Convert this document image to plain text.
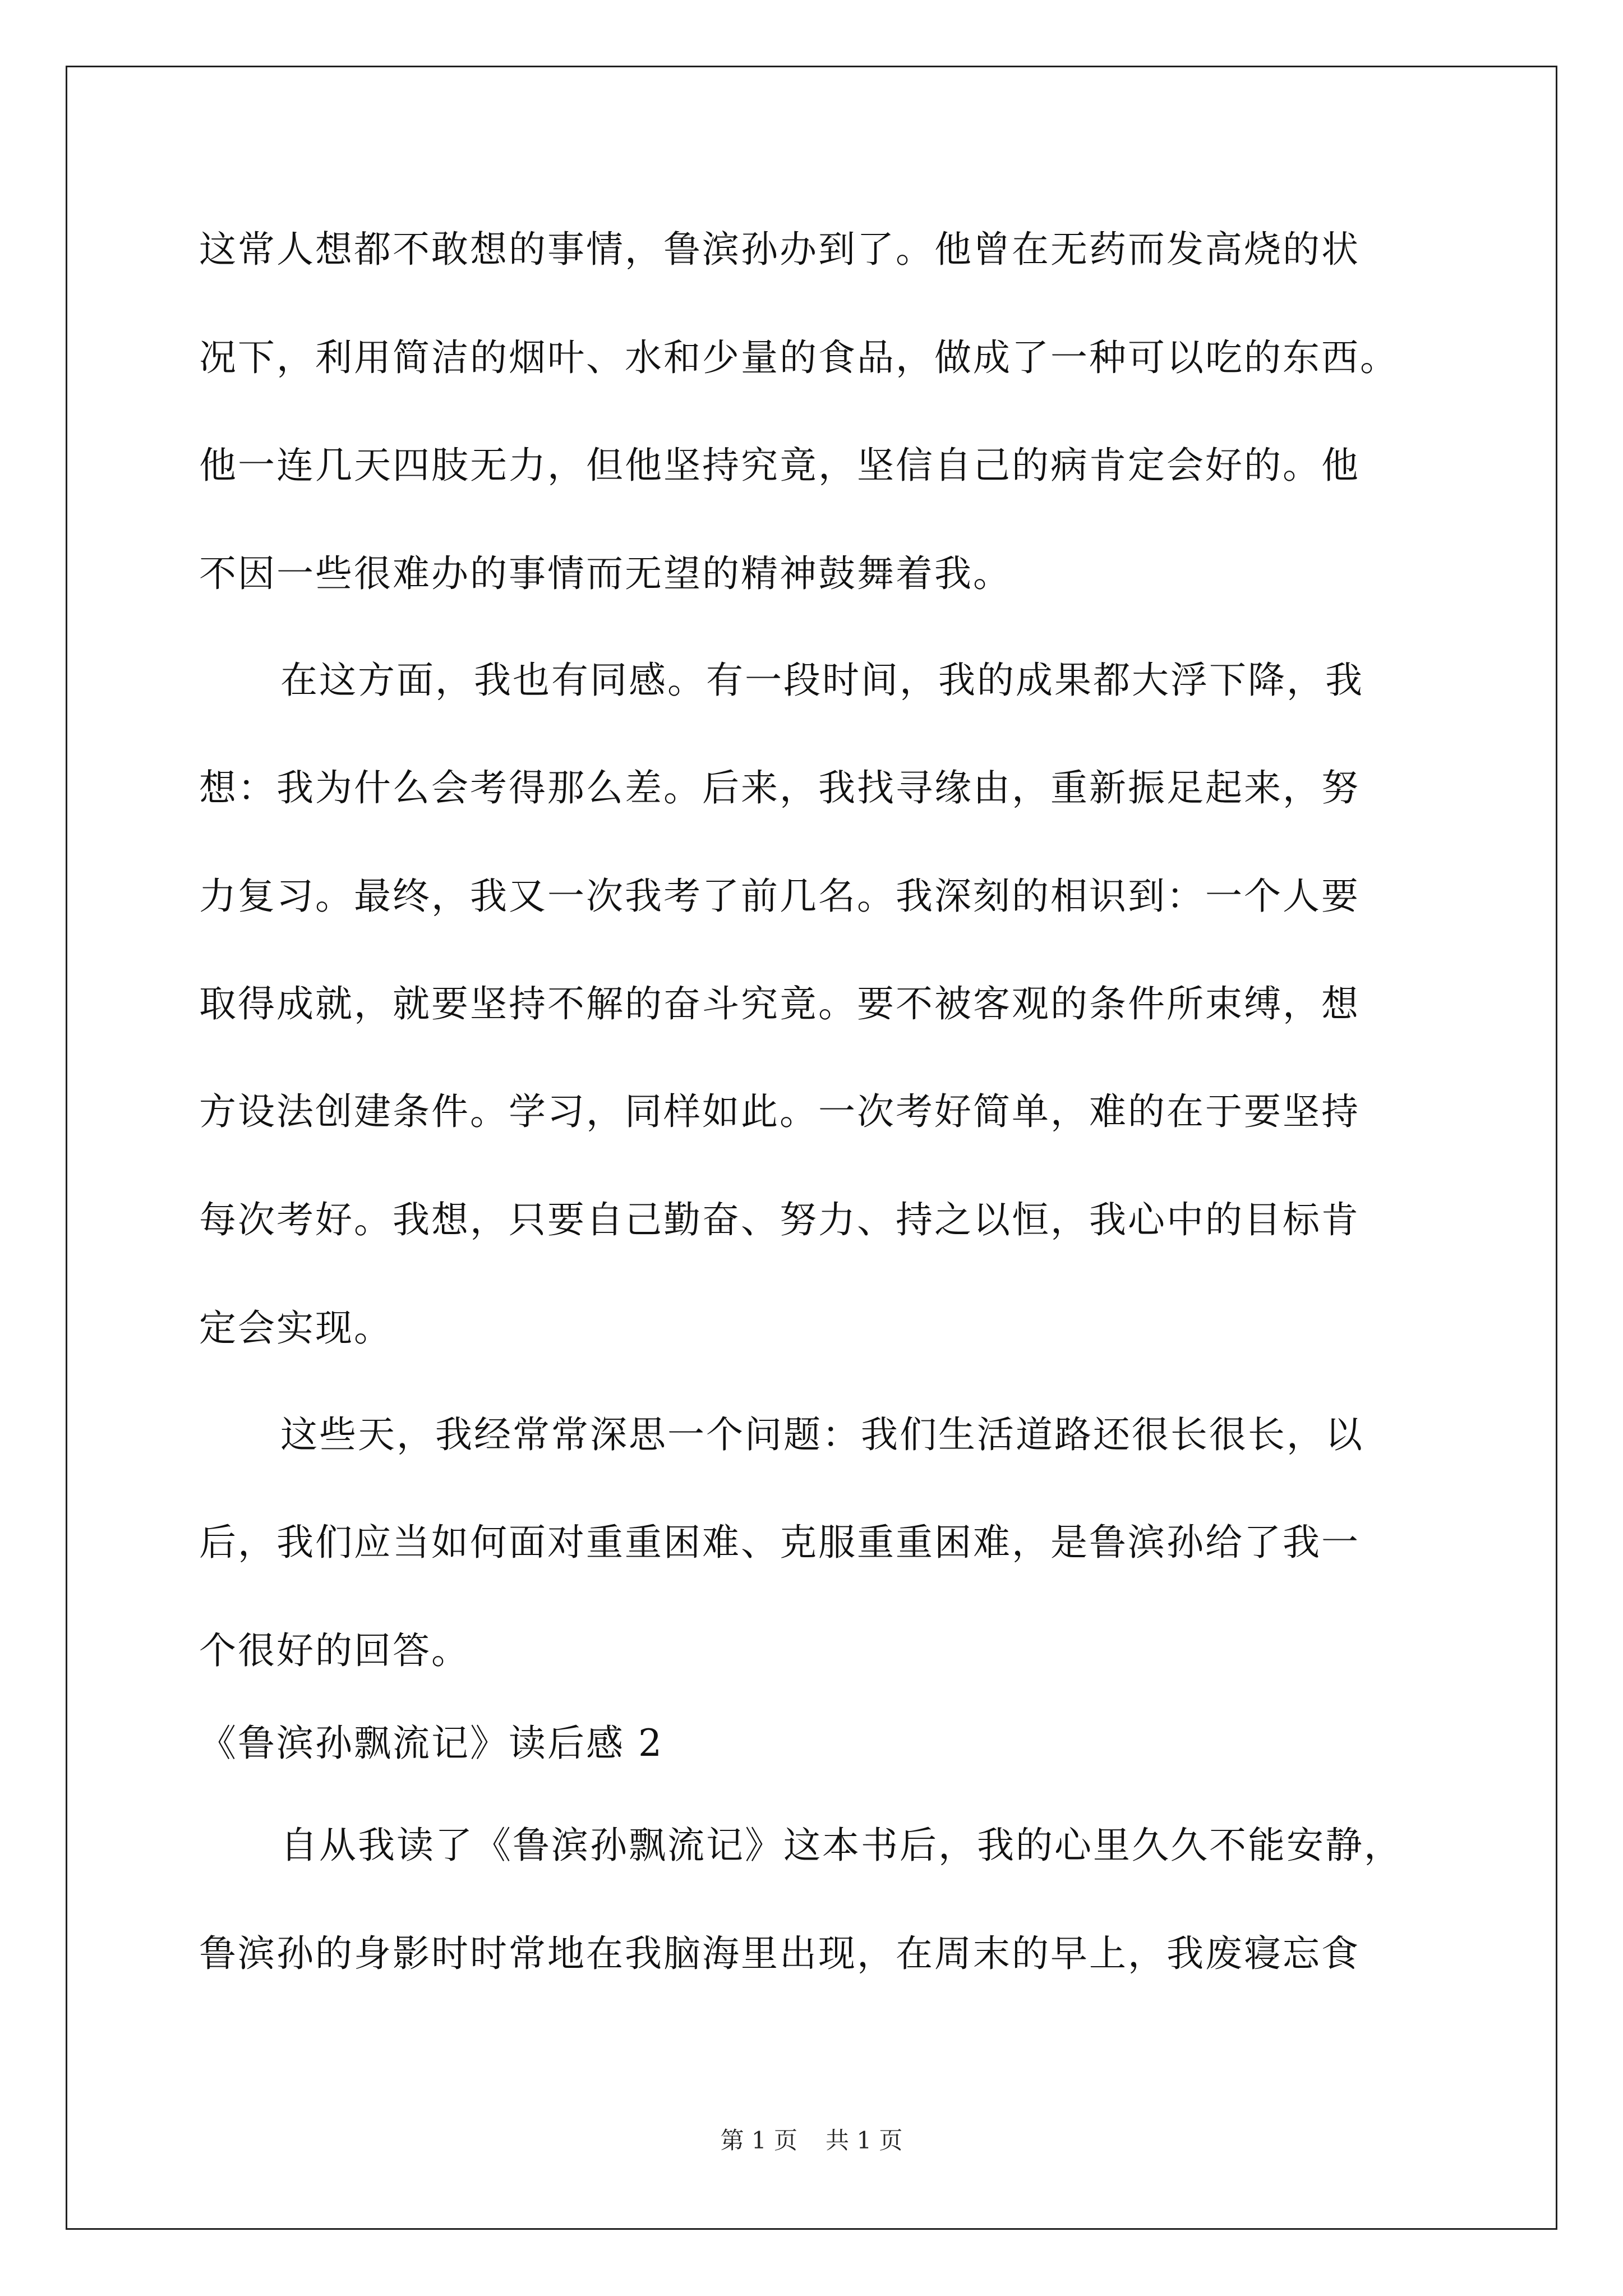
这常人想都不敢想的事情，鲁滨孙办到了。他曾在无药而发高烧的状
况下，利用简洁的烟叶、水和少量的食品，做成了一种可以吃的东西。
他一连几天四肢无力，但他坚持究竟，坚信自己的病肯定会好的。他
不因一些很难办的事情而无望的精神鼓舞着我。
在这方面，我也有同感。有一段时间，我的成果都大浮下降，我
想：我为什么会考得那么差。后来，我找寻缘由，重新振足起来，努
力复习。最终，我又一次我考了前几名。我深刻的相识到：一个人要
取得成就，就要坚持不解的奋斗究竟。要不被客观的条件所束缚，想
方设法创建条件。学习，同样如此。一次考好简单，难的在于要坚持
每次考好。我想，只要自己勤奋、努力、持之以恒，我心中的目标肯
定会实现。
这些天，我经常常深思一个问题：我们生活道路还很长很长，以
后，我们应当如何面对重重困难、克服重重困难，是鲁滨孙给了我一
个很好的回答。
《鲁滨孙飘流记》读后感 2
自从我读了《鲁滨孙飘流记》这本书后，我的心里久久不能安静，
鲁滨孙的身影时时常地在我脑海里出现，在周末的早上，我废寝忘食
第 1 页 共 1 页
